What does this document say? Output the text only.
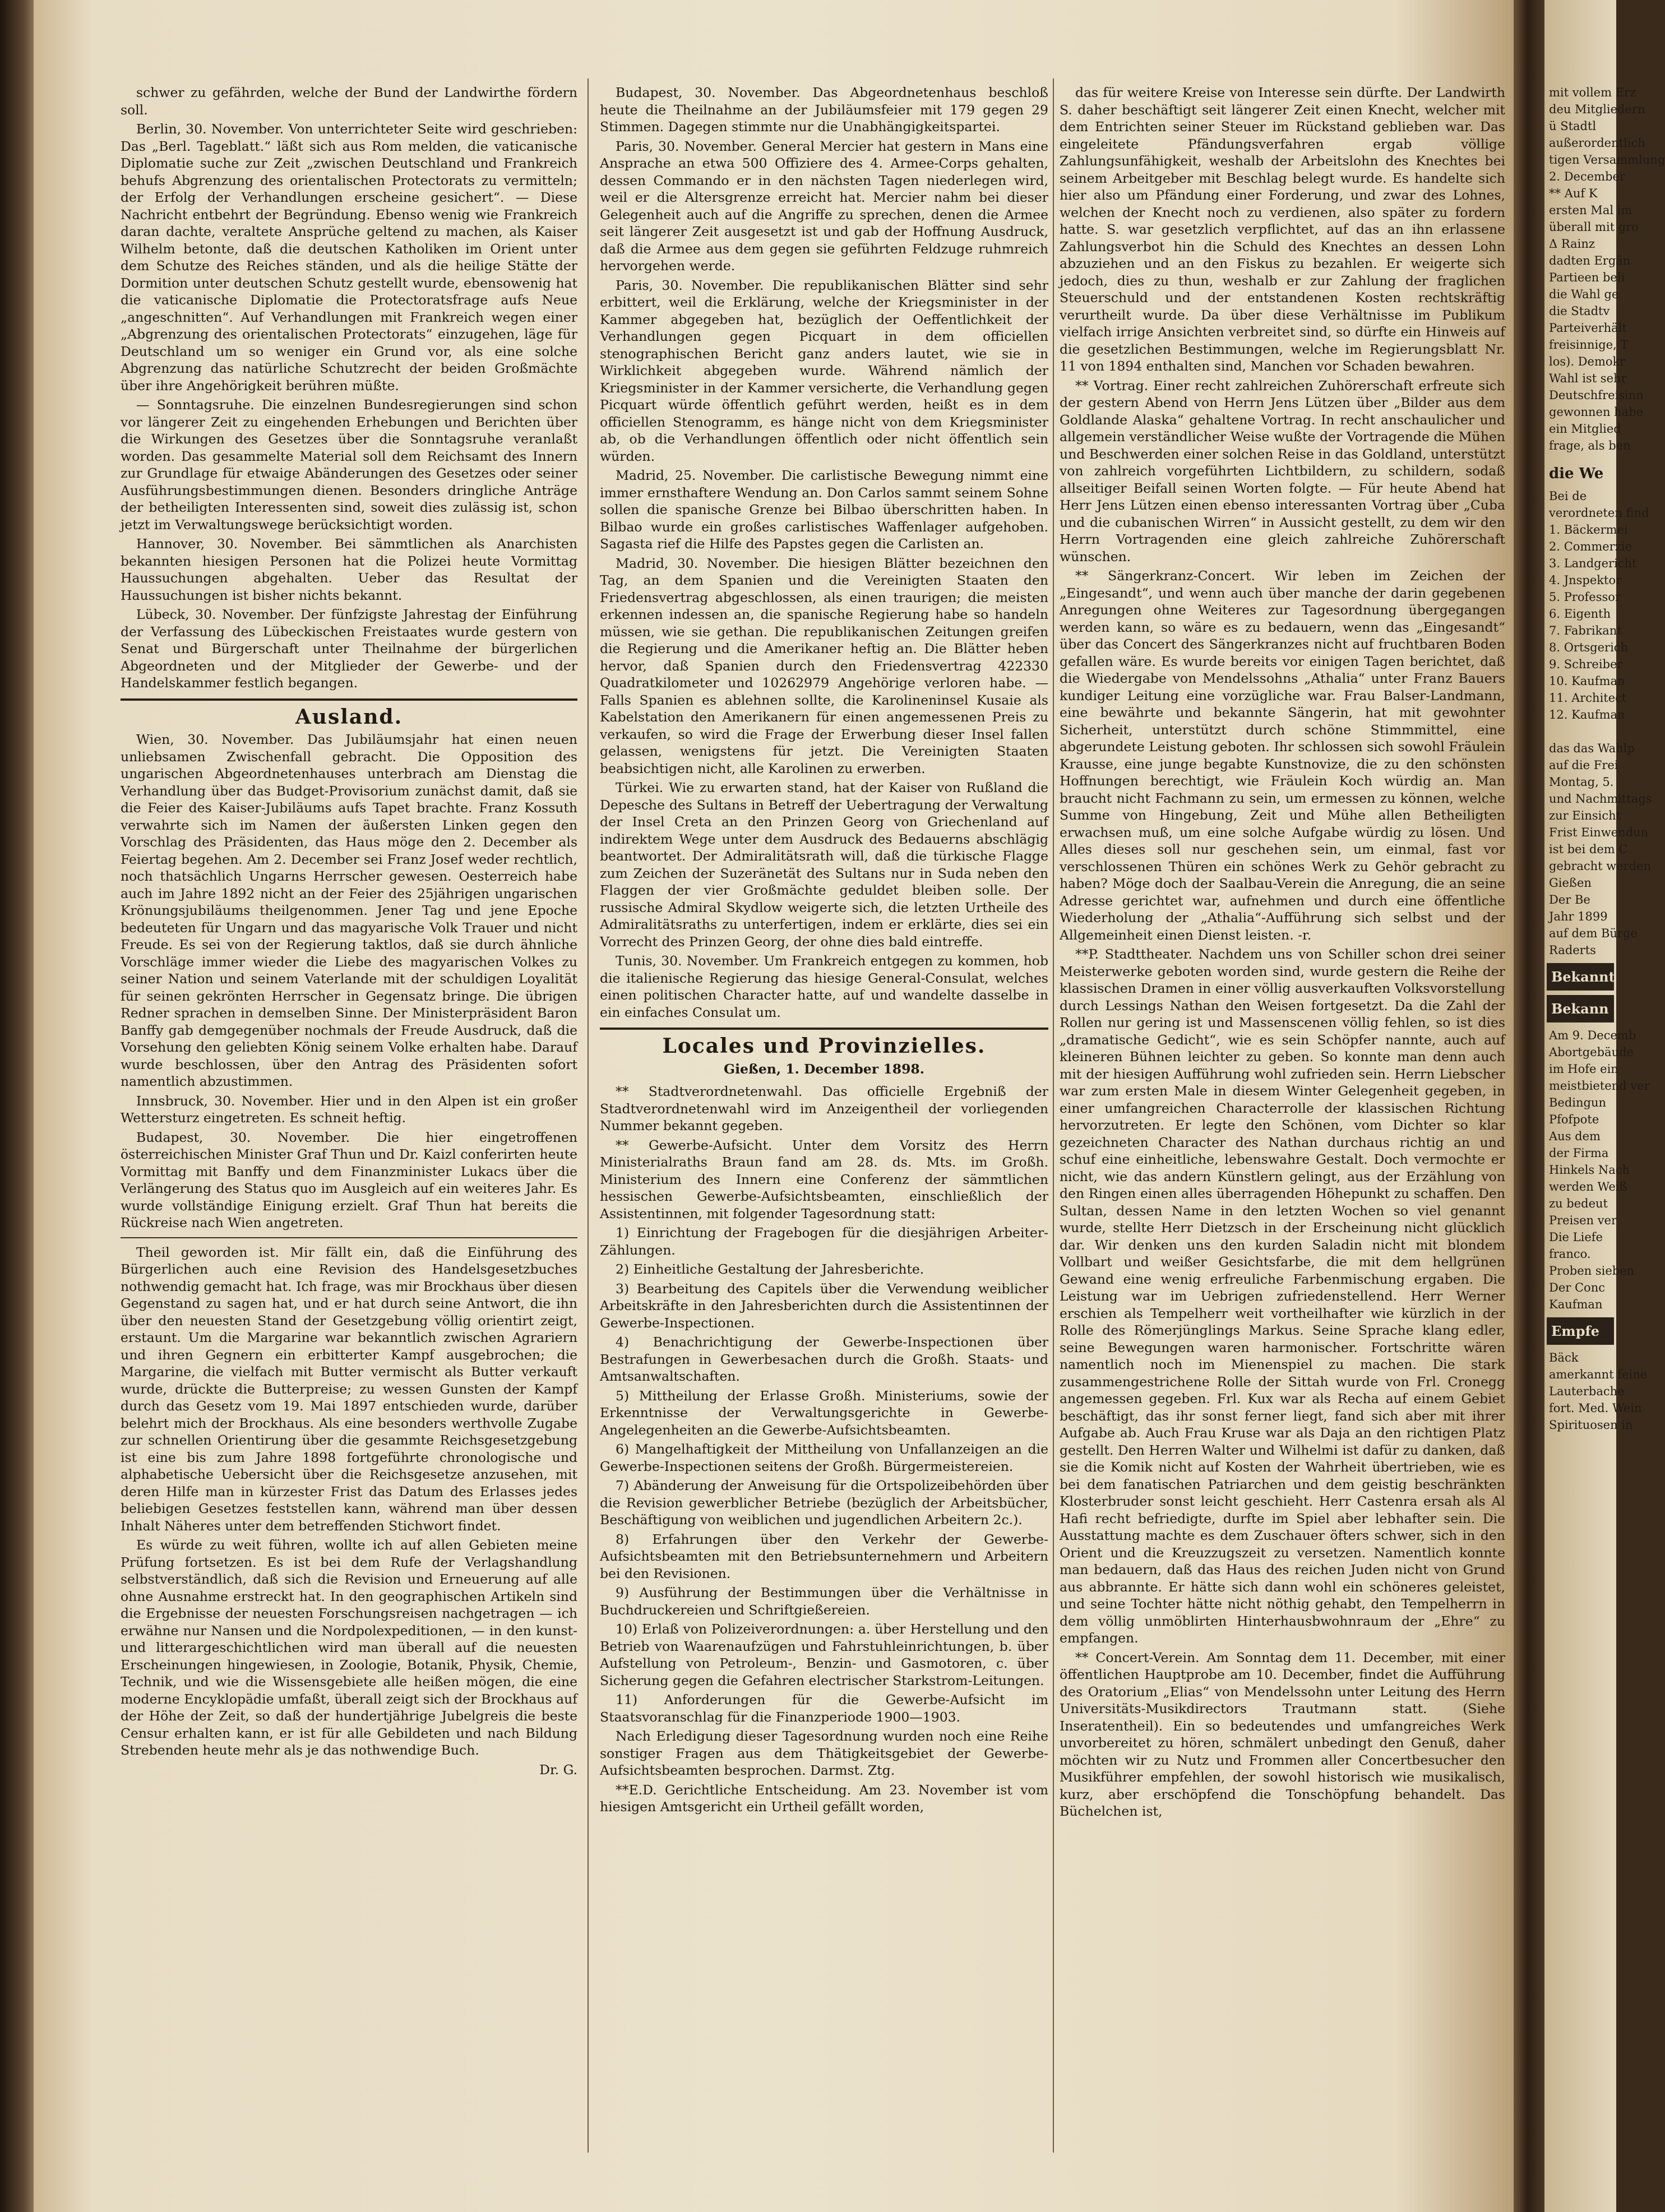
schwer zu gefährden, welche der Bund der Landwirthe fördern soll.

Berlin, 30. November. Von unterrichteter Seite wird geschrieben: Das „Berl. Tageblatt.“ läßt sich aus Rom melden, die vaticanische Diplomatie suche zur Zeit „zwischen Deutschland und Frankreich behufs Abgrenzung des orientalischen Protectorats zu vermitteln; der Erfolg der Verhandlungen erscheine gesichert“. — Diese Nachricht entbehrt der Begründung. Ebenso wenig wie Frankreich daran dachte, veraltete Ansprüche geltend zu machen, als Kaiser Wilhelm betonte, daß die deutschen Katholiken im Orient unter dem Schutze des Reiches ständen, und als die heilige Stätte der Dormition unter deutschen Schutz gestellt wurde, ebensowenig hat die vaticanische Diplomatie die Protectoratsfrage aufs Neue „angeschnitten“. Auf Verhandlungen mit Frankreich wegen einer „Abgrenzung des orientalischen Protectorats“ einzugehen, läge für Deutschland um so weniger ein Grund vor, als eine solche Abgrenzung das natürliche Schutzrecht der beiden Großmächte über ihre Angehörigkeit berühren müßte.

— Sonntagsruhe. Die einzelnen Bundesregierungen sind schon vor längerer Zeit zu eingehenden Erhebungen und Berichten über die Wirkungen des Gesetzes über die Sonntagsruhe veranlaßt worden. Das gesammelte Material soll dem Reichsamt des Innern zur Grundlage für etwaige Abänderungen des Gesetzes oder seiner Ausführungsbestimmungen dienen. Besonders dringliche Anträge der betheiligten Interessenten sind, soweit dies zulässig ist, schon jetzt im Verwaltungswege berücksichtigt worden.

Hannover, 30. November. Bei sämmtlichen als Anarchisten bekannten hiesigen Personen hat die Polizei heute Vormittag Haussuchungen abgehalten. Ueber das Resultat der Haussuchungen ist bisher nichts bekannt.

Lübeck, 30. November. Der fünfzigste Jahrestag der Einführung der Verfassung des Lübeckischen Freistaates wurde gestern von Senat und Bürgerschaft unter Theilnahme der bürgerlichen Abgeordneten und der Mitglieder der Gewerbe- und der Handelskammer festlich begangen.

Ausland.

Wien, 30. November. Das Jubiläumsjahr hat einen neuen unliebsamen Zwischenfall gebracht. Die Opposition des ungarischen Abgeordnetenhauses unterbrach am Dienstag die Verhandlung über das Budget-Provisorium zunächst damit, daß sie die Feier des Kaiser-Jubiläums aufs Tapet brachte. Franz Kossuth verwahrte sich im Namen der äußersten Linken gegen den Vorschlag des Präsidenten, das Haus möge den 2. December als Feiertag begehen. Am 2. December sei Franz Josef weder rechtlich, noch thatsächlich Ungarns Herrscher gewesen. Oesterreich habe auch im Jahre 1892 nicht an der Feier des 25jährigen ungarischen Krönungsjubiläums theilgenommen. Jener Tag und jene Epoche bedeuteten für Ungarn und das magyarische Volk Trauer und nicht Freude. Es sei von der Regierung taktlos, daß sie durch ähnliche Vorschläge immer wieder die Liebe des magyarischen Volkes zu seiner Nation und seinem Vaterlande mit der schuldigen Loyalität für seinen gekrönten Herrscher in Gegensatz bringe. Die übrigen Redner sprachen in demselben Sinne. Der Ministerpräsident Baron Banffy gab demgegenüber nochmals der Freude Ausdruck, daß die Vorsehung den geliebten König seinem Volke erhalten habe. Darauf wurde beschlossen, über den Antrag des Präsidenten sofort namentlich abzustimmen.

Innsbruck, 30. November. Hier und in den Alpen ist ein großer Wettersturz eingetreten. Es schneit heftig.

Budapest, 30. November. Die hier eingetroffenen österreichischen Minister Graf Thun und Dr. Kaizl conferirten heute Vormittag mit Banffy und dem Finanzminister Lukacs über die Verlängerung des Status quo im Ausgleich auf ein weiteres Jahr. Es wurde vollständige Einigung erzielt. Graf Thun hat bereits die Rückreise nach Wien angetreten.

Theil geworden ist. Mir fällt ein, daß die Einführung des Bürgerlichen auch eine Revision des Handelsgesetzbuches nothwendig gemacht hat. Ich frage, was mir Brockhaus über diesen Gegenstand zu sagen hat, und er hat durch seine Antwort, die ihn über den neuesten Stand der Gesetzgebung völlig orientirt zeigt, erstaunt. Um die Margarine war bekanntlich zwischen Agrariern und ihren Gegnern ein erbitterter Kampf ausgebrochen; die Margarine, die vielfach mit Butter vermischt als Butter verkauft wurde, drückte die Butterpreise; zu wessen Gunsten der Kampf durch das Gesetz vom 19. Mai 1897 entschieden wurde, darüber belehrt mich der Brockhaus. Als eine besonders werthvolle Zugabe zur schnellen Orientirung über die gesammte Reichsgesetzgebung ist eine bis zum Jahre 1898 fortgeführte chronologische und alphabetische Uebersicht über die Reichsgesetze anzusehen, mit deren Hilfe man in kürzester Frist das Datum des Erlasses jedes beliebigen Gesetzes feststellen kann, während man über dessen Inhalt Näheres unter dem betreffenden Stichwort findet.

Es würde zu weit führen, wollte ich auf allen Gebieten meine Prüfung fortsetzen. Es ist bei dem Rufe der Verlagshandlung selbstverständlich, daß sich die Revision und Erneuerung auf alle ohne Ausnahme erstreckt hat. In den geographischen Artikeln sind die Ergebnisse der neuesten Forschungsreisen nachgetragen — ich erwähne nur Nansen und die Nordpolexpeditionen, — in den kunst- und litterargeschichtlichen wird man überall auf die neuesten Erscheinungen hingewiesen, in Zoologie, Botanik, Physik, Chemie, Technik, und wie die Wissensgebiete alle heißen mögen, die eine moderne Encyklopädie umfaßt, überall zeigt sich der Brockhaus auf der Höhe der Zeit, so daß der hundertjährige Jubelgreis die beste Censur erhalten kann, er ist für alle Gebildeten und nach Bildung Strebenden heute mehr als je das nothwendige Buch.

Dr. G.

Budapest, 30. November. Das Abgeordnetenhaus beschloß heute die Theilnahme an der Jubiläumsfeier mit 179 gegen 29 Stimmen. Dagegen stimmte nur die Unabhängigkeitspartei.

Paris, 30. November. General Mercier hat gestern in Mans eine Ansprache an etwa 500 Offiziere des 4. Armee-Corps gehalten, dessen Commando er in den nächsten Tagen niederlegen wird, weil er die Altersgrenze erreicht hat. Mercier nahm bei dieser Gelegenheit auch auf die Angriffe zu sprechen, denen die Armee seit längerer Zeit ausgesetzt ist und gab der Hoffnung Ausdruck, daß die Armee aus dem gegen sie geführten Feldzuge ruhmreich hervorgehen werde.

Paris, 30. November. Die republikanischen Blätter sind sehr erbittert, weil die Erklärung, welche der Kriegsminister in der Kammer abgegeben hat, bezüglich der Oeffentlichkeit der Verhandlungen gegen Picquart in dem officiellen stenographischen Bericht ganz anders lautet, wie sie in Wirklichkeit abgegeben wurde. Während nämlich der Kriegsminister in der Kammer versicherte, die Verhandlung gegen Picquart würde öffentlich geführt werden, heißt es in dem officiellen Stenogramm, es hänge nicht von dem Kriegsminister ab, ob die Verhandlungen öffentlich oder nicht öffentlich sein würden.

Madrid, 25. November. Die carlistische Bewegung nimmt eine immer ernsthaftere Wendung an. Don Carlos sammt seinem Sohne sollen die spanische Grenze bei Bilbao überschritten haben. In Bilbao wurde ein großes carlistisches Waffenlager aufgehoben. Sagasta rief die Hilfe des Papstes gegen die Carlisten an.

Madrid, 30. November. Die hiesigen Blätter bezeichnen den Tag, an dem Spanien und die Vereinigten Staaten den Friedensvertrag abgeschlossen, als einen traurigen; die meisten erkennen indessen an, die spanische Regierung habe so handeln müssen, wie sie gethan. Die republikanischen Zeitungen greifen die Regierung und die Amerikaner heftig an. Die Blätter heben hervor, daß Spanien durch den Friedensvertrag 422330 Quadratkilometer und 10262979 Angehörige verloren habe. — Falls Spanien es ablehnen sollte, die Karolineninsel Kusaie als Kabelstation den Amerikanern für einen angemessenen Preis zu verkaufen, so wird die Frage der Erwerbung dieser Insel fallen gelassen, wenigstens für jetzt. Die Vereinigten Staaten beabsichtigen nicht, alle Karolinen zu erwerben.

Türkei. Wie zu erwarten stand, hat der Kaiser von Rußland die Depesche des Sultans in Betreff der Uebertragung der Verwaltung der Insel Creta an den Prinzen Georg von Griechenland auf indirektem Wege unter dem Ausdruck des Bedauerns abschlägig beantwortet. Der Admiralitätsrath will, daß die türkische Flagge zum Zeichen der Suzeränetät des Sultans nur in Suda neben den Flaggen der vier Großmächte geduldet bleiben solle. Der russische Admiral Skydlow weigerte sich, die letzten Urtheile des Admiralitätsraths zu unterfertigen, indem er erklärte, dies sei ein Vorrecht des Prinzen Georg, der ohne dies bald eintreffe.

Tunis, 30. November. Um Frankreich entgegen zu kommen, hob die italienische Regierung das hiesige General-Consulat, welches einen politischen Character hatte, auf und wandelte dasselbe in ein einfaches Consulat um.

Locales und Provinzielles.
Gießen, 1. December 1898.

** Stadtverordnetenwahl. Das officielle Ergebniß der Stadtverordnetenwahl wird im Anzeigentheil der vorliegenden Nummer bekannt gegeben.

** Gewerbe-Aufsicht. Unter dem Vorsitz des Herrn Ministerialraths Braun fand am 28. ds. Mts. im Großh. Ministerium des Innern eine Conferenz der sämmtlichen hessischen Gewerbe-Aufsichtsbeamten, einschließlich der Assistentinnen, mit folgender Tagesordnung statt:

1) Einrichtung der Fragebogen für die diesjährigen Arbeiter-Zählungen.

2) Einheitliche Gestaltung der Jahresberichte.

3) Bearbeitung des Capitels über die Verwendung weiblicher Arbeitskräfte in den Jahresberichten durch die Assistentinnen der Gewerbe-Inspectionen.

4) Benachrichtigung der Gewerbe-Inspectionen über Bestrafungen in Gewerbesachen durch die Großh. Staats- und Amtsanwaltschaften.

5) Mittheilung der Erlasse Großh. Ministeriums, sowie der Erkenntnisse der Verwaltungsgerichte in Gewerbe-Angelegenheiten an die Gewerbe-Aufsichtsbeamten.

6) Mangelhaftigkeit der Mittheilung von Unfallanzeigen an die Gewerbe-Inspectionen seitens der Großh. Bürgermeistereien.

7) Abänderung der Anweisung für die Ortspolizeibehörden über die Revision gewerblicher Betriebe (bezüglich der Arbeitsbücher, Beschäftigung von weiblichen und jugendlichen Arbeitern 2c.).

8) Erfahrungen über den Verkehr der Gewerbe-Aufsichtsbeamten mit den Betriebsunternehmern und Arbeitern bei den Revisionen.

9) Ausführung der Bestimmungen über die Verhältnisse in Buchdruckereien und Schriftgießereien.

10) Erlaß von Polizeiverordnungen: a. über Herstellung und den Betrieb von Waarenaufzügen und Fahrstuhleinrichtungen, b. über Aufstellung von Petroleum-, Benzin- und Gasmotoren, c. über Sicherung gegen die Gefahren electrischer Starkstrom-Leitungen.

11) Anforderungen für die Gewerbe-Aufsicht im Staatsvoranschlag für die Finanzperiode 1900—1903.

Nach Erledigung dieser Tagesordnung wurden noch eine Reihe sonstiger Fragen aus dem Thätigkeitsgebiet der Gewerbe-Aufsichtsbeamten besprochen. Darmst. Ztg.

**E.D. Gerichtliche Entscheidung. Am 23. November ist vom hiesigen Amtsgericht ein Urtheil gefällt worden,

das für weitere Kreise von Interesse sein dürfte. Der Landwirth S. daher beschäftigt seit längerer Zeit einen Knecht, welcher mit dem Entrichten seiner Steuer im Rückstand geblieben war. Das eingeleitete Pfändungsverfahren ergab völlige Zahlungsunfähigkeit, weshalb der Arbeitslohn des Knechtes bei seinem Arbeitgeber mit Beschlag belegt wurde. Es handelte sich hier also um Pfändung einer Forderung, und zwar des Lohnes, welchen der Knecht noch zu verdienen, also später zu fordern hatte. S. war gesetzlich verpflichtet, auf das an ihn erlassene Zahlungsverbot hin die Schuld des Knechtes an dessen Lohn abzuziehen und an den Fiskus zu bezahlen. Er weigerte sich jedoch, dies zu thun, weshalb er zur Zahlung der fraglichen Steuerschuld und der entstandenen Kosten rechtskräftig verurtheilt wurde. Da über diese Verhältnisse im Publikum vielfach irrige Ansichten verbreitet sind, so dürfte ein Hinweis auf die gesetzlichen Bestimmungen, welche im Regierungsblatt Nr. 11 von 1894 enthalten sind, Manchen vor Schaden bewahren.

** Vortrag. Einer recht zahlreichen Zuhörerschaft erfreute sich der gestern Abend von Herrn Jens Lützen über „Bilder aus dem Goldlande Alaska“ gehaltene Vortrag. In recht anschaulicher und allgemein verständlicher Weise wußte der Vortragende die Mühen und Beschwerden einer solchen Reise in das Goldland, unterstützt von zahlreich vorgeführten Lichtbildern, zu schildern, sodaß allseitiger Beifall seinen Worten folgte. — Für heute Abend hat Herr Jens Lützen einen ebenso interessanten Vortrag über „Cuba und die cubanischen Wirren“ in Aussicht gestellt, zu dem wir den Herrn Vortragenden eine gleich zahlreiche Zuhörerschaft wünschen.

** Sängerkranz-Concert. Wir leben im Zeichen der „Eingesandt“, und wenn auch über manche der darin gegebenen Anregungen ohne Weiteres zur Tagesordnung übergegangen werden kann, so wäre es zu bedauern, wenn das „Eingesandt“ über das Concert des Sängerkranzes nicht auf fruchtbaren Boden gefallen wäre. Es wurde bereits vor einigen Tagen berichtet, daß die Wiedergabe von Mendelssohns „Athalia“ unter Franz Bauers kundiger Leitung eine vorzügliche war. Frau Balser-Landmann, eine bewährte und bekannte Sängerin, hat mit gewohnter Sicherheit, unterstützt durch schöne Stimmmittel, eine abgerundete Leistung geboten. Ihr schlossen sich sowohl Fräulein Krausse, eine junge begabte Kunstnovize, die zu den schönsten Hoffnungen berechtigt, wie Fräulein Koch würdig an. Man braucht nicht Fachmann zu sein, um ermessen zu können, welche Summe von Hingebung, Zeit und Mühe allen Betheiligten erwachsen muß, um eine solche Aufgabe würdig zu lösen. Und Alles dieses soll nur geschehen sein, um einmal, fast vor verschlossenen Thüren ein schönes Werk zu Gehör gebracht zu haben? Möge doch der Saalbau-Verein die Anregung, die an seine Adresse gerichtet war, aufnehmen und durch eine öffentliche Wiederholung der „Athalia“-Aufführung sich selbst und der Allgemeinheit einen Dienst leisten. -r.

**P. Stadttheater. Nachdem uns von Schiller schon drei seiner Meisterwerke geboten worden sind, wurde gestern die Reihe der klassischen Dramen in einer völlig ausverkauften Volksvorstellung durch Lessings Nathan den Weisen fortgesetzt. Da die Zahl der Rollen nur gering ist und Massenscenen völlig fehlen, so ist dies „dramatische Gedicht“, wie es sein Schöpfer nannte, auch auf kleineren Bühnen leichter zu geben. So konnte man denn auch mit der hiesigen Aufführung wohl zufrieden sein. Herrn Liebscher war zum ersten Male in diesem Winter Gelegenheit gegeben, in einer umfangreichen Characterrolle der klassischen Richtung hervorzutreten. Er legte den Schönen, vom Dichter so klar gezeichneten Character des Nathan durchaus richtig an und schuf eine einheitliche, lebenswahre Gestalt. Doch vermochte er nicht, wie das andern Künstlern gelingt, aus der Erzählung von den Ringen einen alles überragenden Höhepunkt zu schaffen. Den Sultan, dessen Name in den letzten Wochen so viel genannt wurde, stellte Herr Dietzsch in der Erscheinung nicht glücklich dar. Wir denken uns den kurden Saladin nicht mit blondem Vollbart und weißer Gesichtsfarbe, die mit dem hellgrünen Gewand eine wenig erfreuliche Farbenmischung ergaben. Die Leistung war im Uebrigen zufriedenstellend. Herr Werner erschien als Tempelherr weit vortheilhafter wie kürzlich in der Rolle des Römerjünglings Markus. Seine Sprache klang edler, seine Bewegungen waren harmonischer. Fortschritte wären namentlich noch im Mienenspiel zu machen. Die stark zusammengestrichene Rolle der Sittah wurde von Frl. Cronegg angemessen gegeben. Frl. Kux war als Recha auf einem Gebiet beschäftigt, das ihr sonst ferner liegt, fand sich aber mit ihrer Aufgabe ab. Auch Frau Kruse war als Daja an den richtigen Platz gestellt. Den Herren Walter und Wilhelmi ist dafür zu danken, daß sie die Komik nicht auf Kosten der Wahrheit übertrieben, wie es bei dem fanatischen Patriarchen und dem geistig beschränkten Klosterbruder sonst leicht geschieht. Herr Castenra ersah als Al Hafi recht befriedigte, durfte im Spiel aber lebhafter sein. Die Ausstattung machte es dem Zuschauer öfters schwer, sich in den Orient und die Kreuzzugszeit zu versetzen. Namentlich konnte man bedauern, daß das Haus des reichen Juden nicht von Grund aus abbrannte. Er hätte sich dann wohl ein schöneres geleistet, und seine Tochter hätte nicht nöthig gehabt, den Tempelherrn in dem völlig unmöblirten Hinterhausbwohnraum der „Ehre“ zu empfangen.

** Concert-Verein. Am Sonntag dem 11. December, mit einer öffentlichen Hauptprobe am 10. December, findet die Aufführung des Oratorium „Elias“ von Mendelssohn unter Leitung des Herrn Universitäts-Musikdirectors Trautmann statt. (Siehe Inseratentheil). Ein so bedeutendes und umfangreiches Werk unvorbereitet zu hören, schmälert unbedingt den Genuß, daher möchten wir zu Nutz und Frommen aller Concertbesucher den Musikführer empfehlen, der sowohl historisch wie musikalisch, kurz, aber erschöpfend die Tonschöpfung behandelt. Das Büchelchen ist,

mit vollem Erz
deu Mitgliedern
ü Stadtl
außerordentlich
tigen Versammlung
2. December
** Auf K
ersten Mal im
überall mit gro
Δ Rainz
dadten Ergän
Partieen beli
die Wahl ge
die Stadtv
Parteiverhält
freisinnige, T
los). Demokr
Wahl ist sehr
Deutschfreisinn
gewonnen habe
ein Mitglied
frage, als ben
die We
Bei de
verordneten find
1. Bäckermei
2. Commerzie
3. Landgericht
4. Jnspektor
5. Professor
6. Eigenth
7. Fabrikant
8. Ortsgerich
9. Schreiber
10. Kaufman
11. Architect
12. Kaufman
das das Wahlp
auf die Frei
Montag, 5.
und Nachmittags
zur Einsicht
Frist Einwendun
ist bei dem C
gebracht werden
Gießen
Der Be
Jahr 1899
auf dem Bürge
Raderts
Bekannt
Bekann
Am 9. Decemb
Abortgebäude
im Hofe ein
meistbietend ver
Bedingun
Pfofpote
Aus dem
der Firma
Hinkels Nach
werden Weiß
zu bedeut
Preisen ver
Die Liefe
franco.
Proben sieben
Der Conc
Kaufman
Empfe
Bäck
amerkannt feine
Lauterbache
fort. Med. Wein
Spirituosen in
